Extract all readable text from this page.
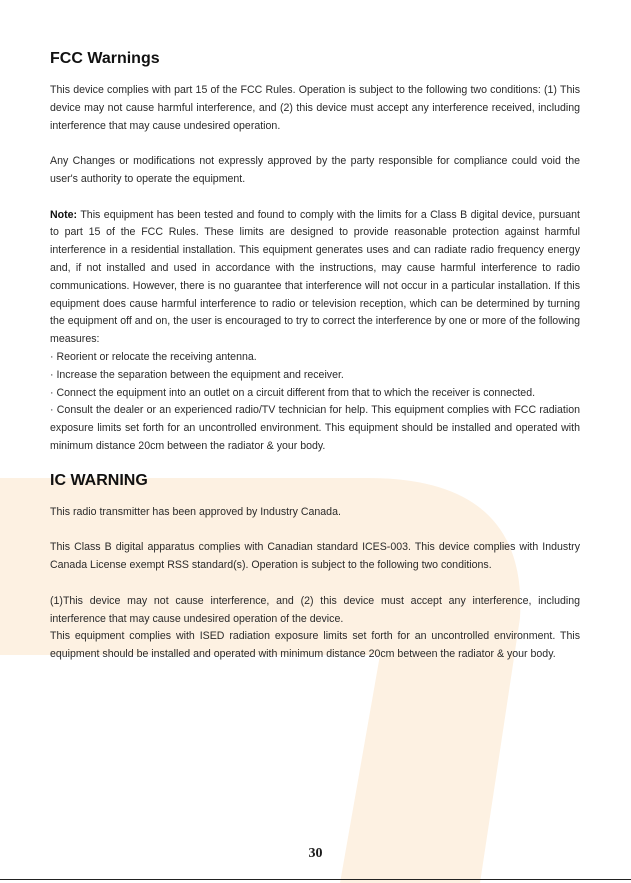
FCC Warnings

This device complies with part 15 of the FCC Rules. Operation is subject to the following two conditions: (1) This device may not cause harmful interference, and (2) this device must accept any interference received, including interference that may cause undesired operation.

Any Changes or modifications not expressly approved by the party responsible for compliance could void the user's authority to operate the equipment.

Note: This equipment has been tested and found to comply with the limits for a Class B digital device, pursuant to part 15 of the FCC Rules. These limits are designed to provide reasonable protection against harmful interference in a residential installation. This equipment generates uses and can radiate radio frequency energy and, if not installed and used in accordance with the instructions, may cause harmful interference to radio communications. However, there is no guarantee that interference will not occur in a particular installation. If this equipment does cause harmful interference to radio or television reception, which can be determined by turning the equipment off and on, the user is encouraged to try to correct the interference by one or more of the following measures:

· Reorient or relocate the receiving antenna.

· Increase the separation between the equipment and receiver.

· Connect the equipment into an outlet on a circuit different from that to which the receiver is connected.

· Consult the dealer or an experienced radio/TV technician for help. This equipment complies with FCC radiation exposure limits set forth for an uncontrolled environment. This equipment should be installed and operated with minimum distance 20cm between the radiator & your body.

IC WARNING

This radio transmitter has been approved by Industry Canada.

This Class B digital apparatus complies with Canadian standard ICES-003. This device complies with Industry Canada License exempt RSS standard(s). Operation is subject to the following two conditions.

(1)This device may not cause interference, and (2) this device must accept any interference, including interference that may cause undesired operation of the device.

This equipment complies with ISED radiation exposure limits set forth for an uncontrolled environment. This equipment should be installed and operated with minimum distance 20cm between the radiator & your body.

30
